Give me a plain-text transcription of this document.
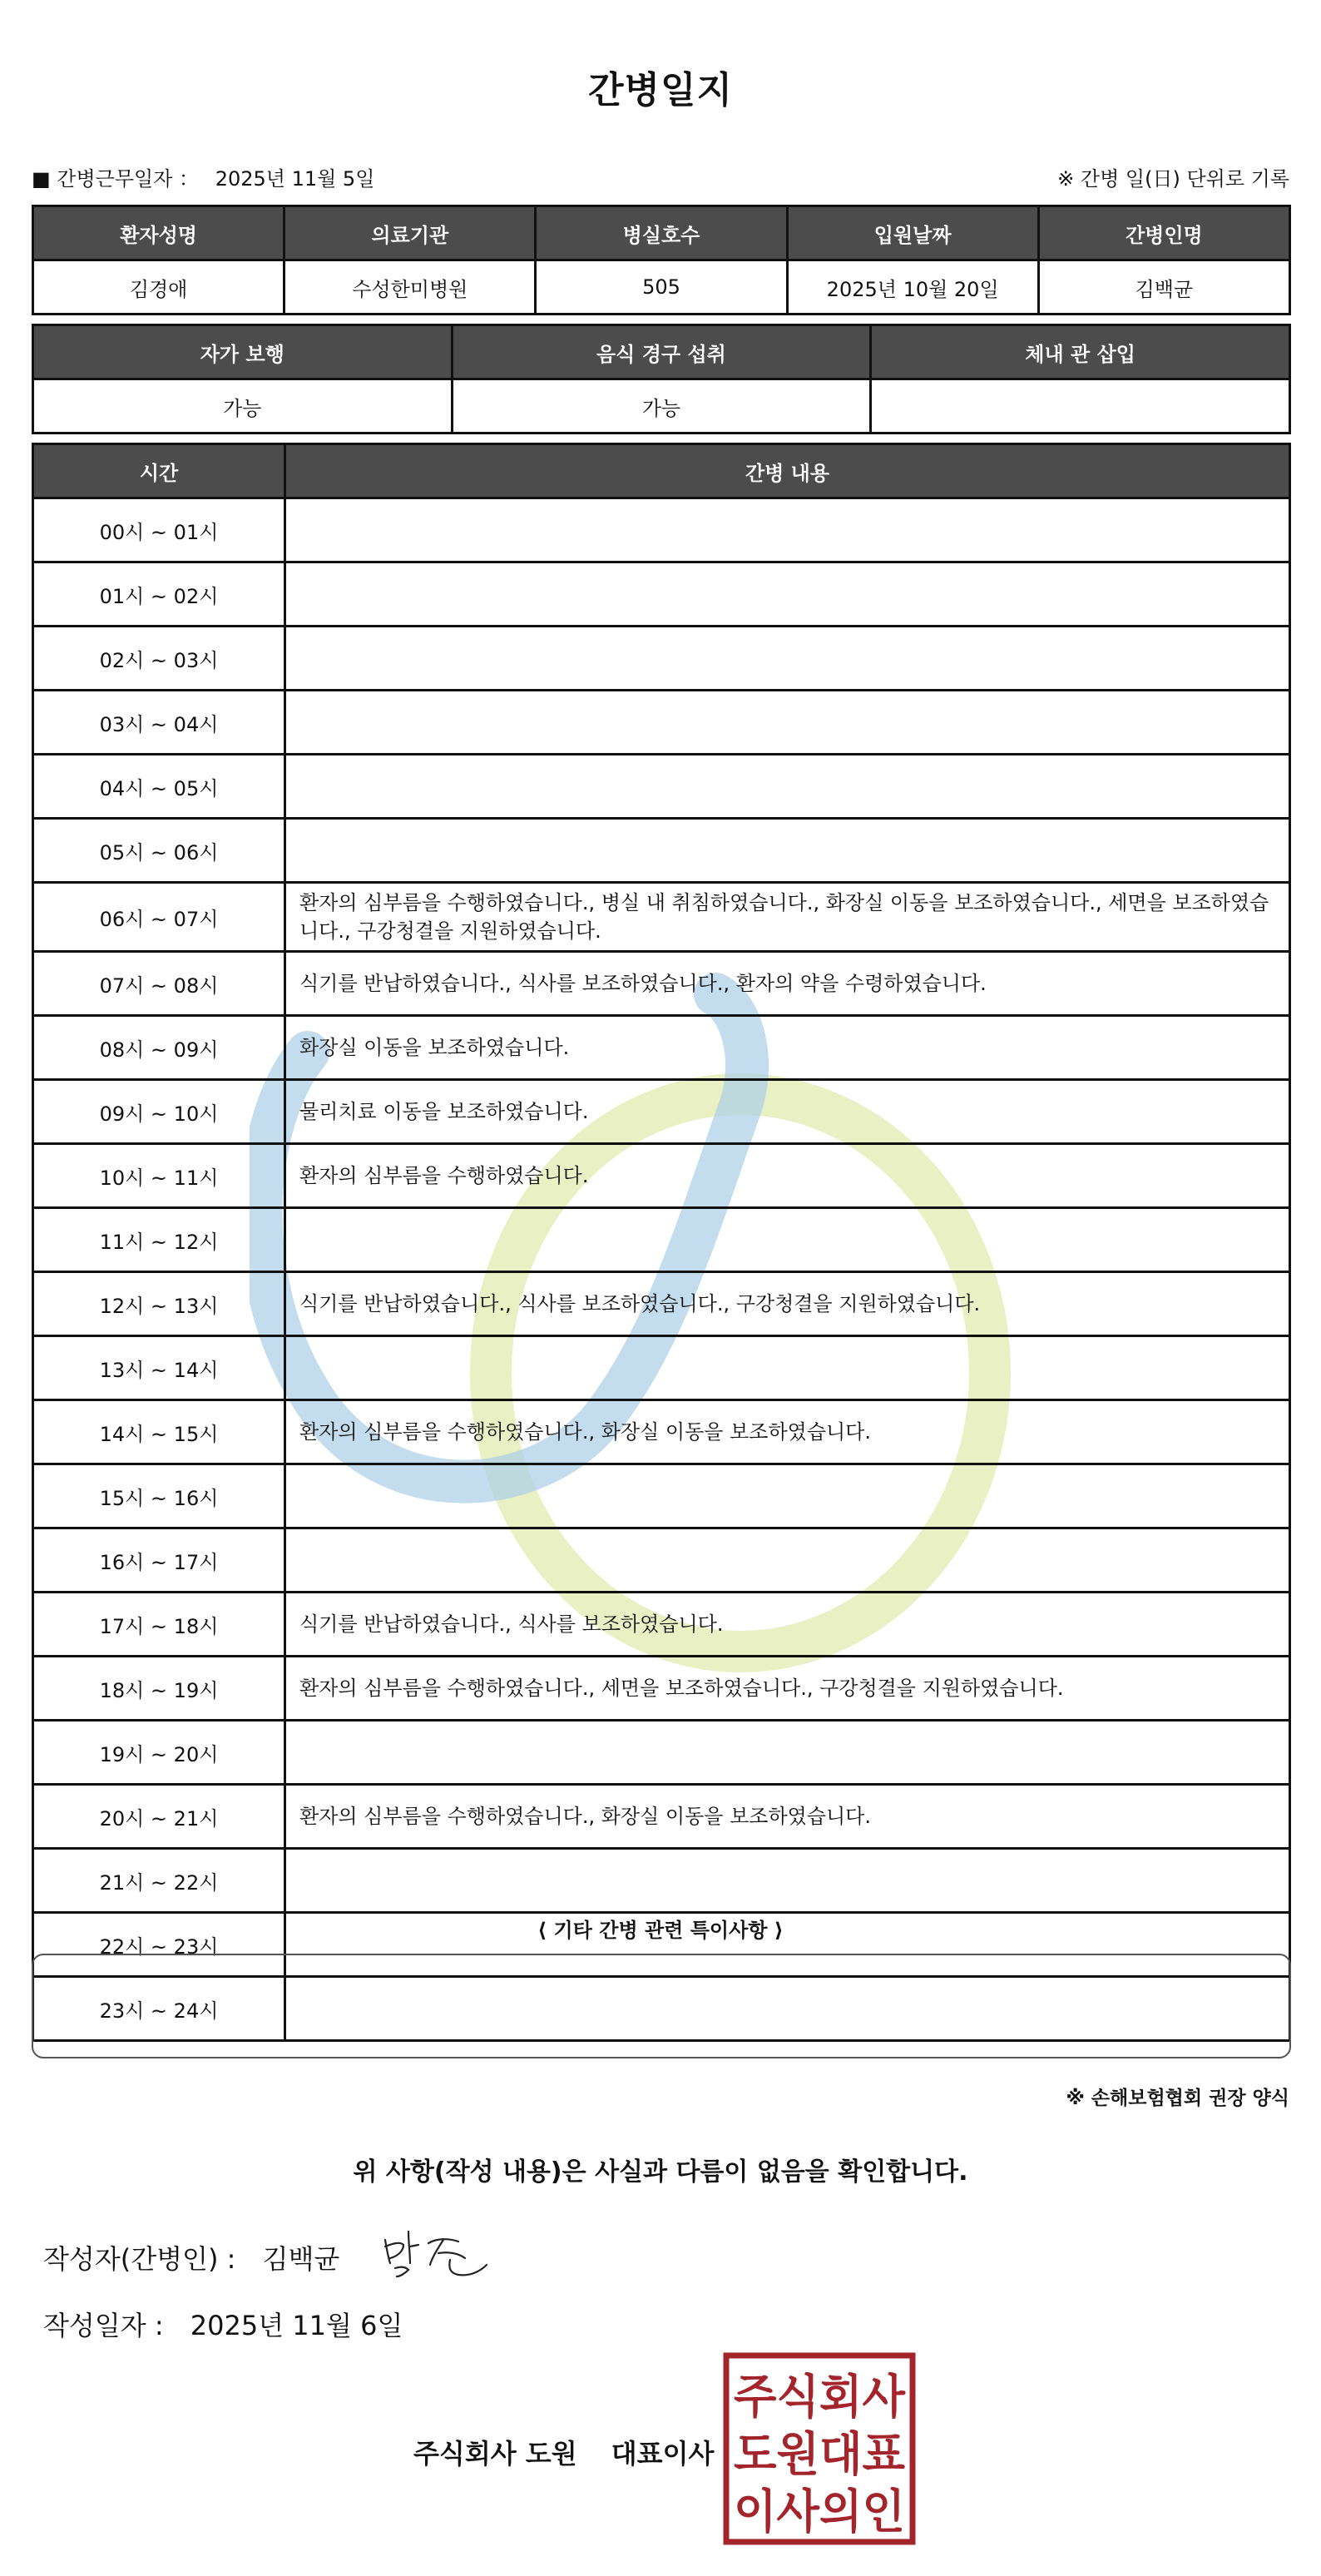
간병일지
■ 간병근무일자 ： 2025년 11월 5일	※ 간병 일(日) 단위로 기록
환자성명	의료기관	병실호수	입원날짜	간병인명
김경애	수성한미병원	505	2025년 10월 20일	김백균
자가 보행	음식 경구 섭취	체내 관 삽입
가능	가능	
시간	간병 내용
00시 ~ 01시	
01시 ~ 02시	
02시 ~ 03시	
03시 ~ 04시	
04시 ~ 05시	
05시 ~ 06시	
06시 ~ 07시	환자의 심부름을 수행하였습니다., 병실 내 취침하였습니다., 화장실 이동을 보조하였습니다., 세면을 보조하였습니다., 구강청결을 지원하였습니다.
07시 ~ 08시	식기를 반납하였습니다., 식사를 보조하였습니다., 환자의 약을 수령하였습니다.
08시 ~ 09시	화장실 이동을 보조하였습니다.
09시 ~ 10시	물리치료 이동을 보조하였습니다.
10시 ~ 11시	환자의 심부름을 수행하였습니다.
11시 ~ 12시	
12시 ~ 13시	식기를 반납하였습니다., 식사를 보조하였습니다., 구강청결을 지원하였습니다.
13시 ~ 14시	
14시 ~ 15시	환자의 심부름을 수행하였습니다., 화장실 이동을 보조하였습니다.
15시 ~ 16시	
16시 ~ 17시	
17시 ~ 18시	식기를 반납하였습니다., 식사를 보조하였습니다.
18시 ~ 19시	환자의 심부름을 수행하였습니다., 세면을 보조하였습니다., 구강청결을 지원하였습니다.
19시 ~ 20시	
20시 ~ 21시	환자의 심부름을 수행하였습니다., 화장실 이동을 보조하였습니다.
21시 ~ 22시	
22시 ~ 23시	
23시 ~ 24시	
⟨ 기타 간병 관련 특이사항 ⟩
※ 손해보험협회 권장 양식
위 사항(작성 내용)은 사실과 다름이 없음을 확인합니다.
작성자(간병인) : 김백균
작성일자 : 2025년 11월 6일
주식회사 도원 대표이사
주식회사
도원대표
이사의인
